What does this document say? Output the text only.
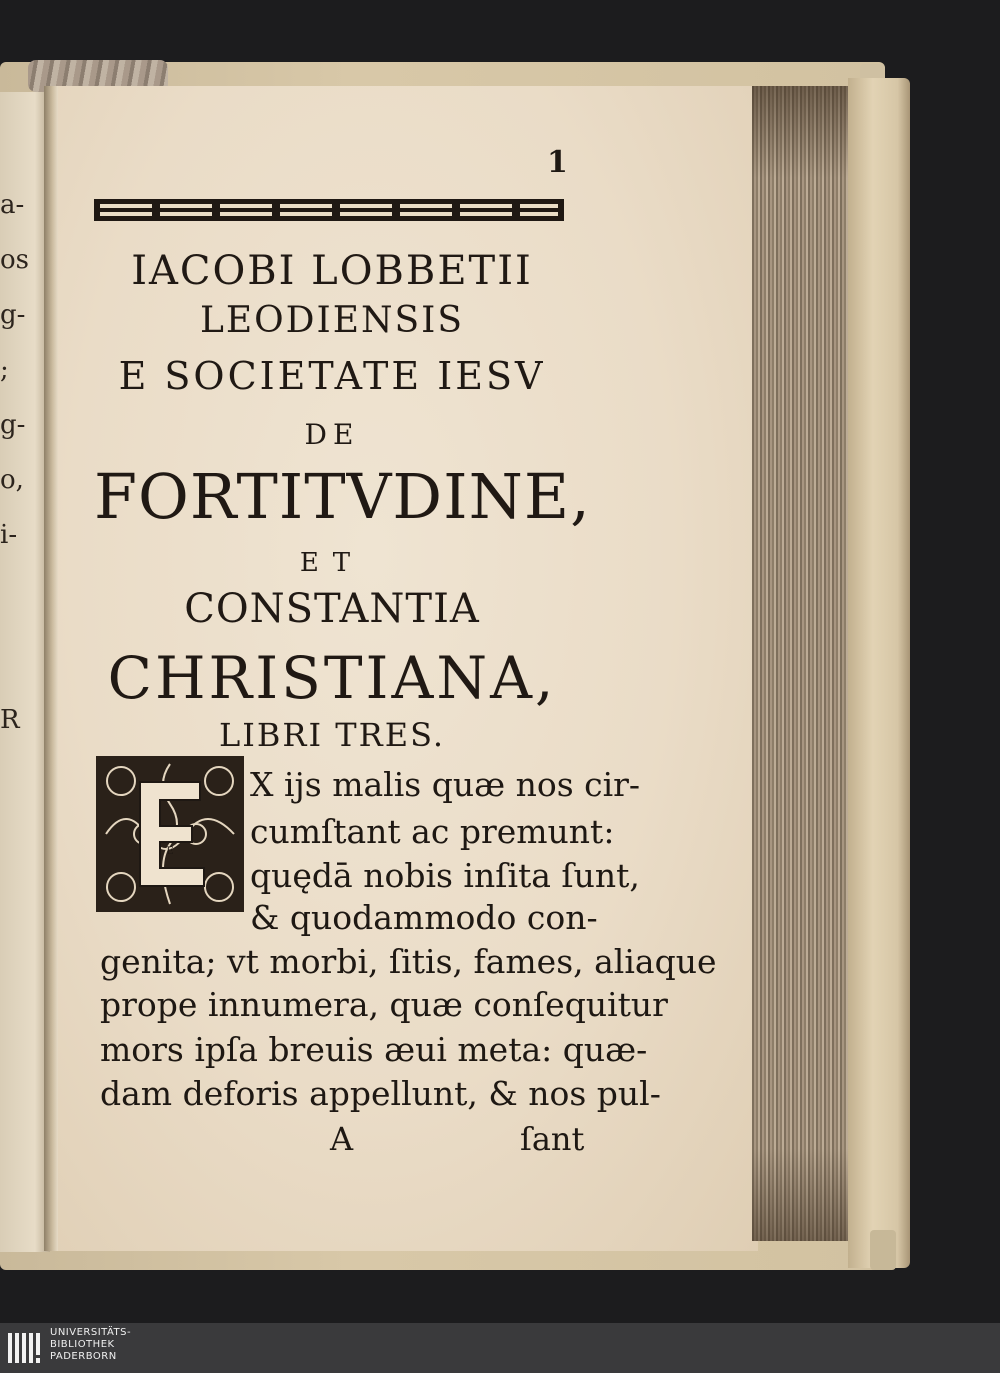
a-
os
g-
;
g-
o,
i-
R
1
IACOBI LOBBETII
LEODIENSIS
E SOCIETATE IESV
DE
FORTITVDINE,
ET
CONSTANTIA
CHRISTIANA,
LIBRI TRES.
E
X ijs malis quæ nos cir-
cumſtant ac premunt:
quędā nobis inſita ſunt,
& quodammodo con-
genita; vt morbi, ſitis, fames, aliaque
prope innumera, quæ conſequitur
mors ipſa breuis æui meta: quæ-
dam deforis appellunt, & nos pul-
A	ſant
UNIVERSITÄTS-
BIBLIOTHEK
PADERBORN
